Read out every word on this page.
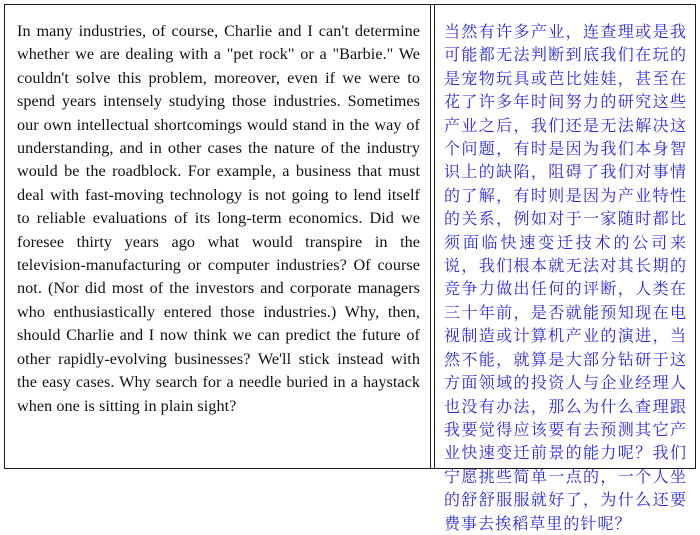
In many industries, of course, Charlie and I can't determine whether we are dealing with a "pet rock" or a "Barbie." We couldn't solve this problem, moreover, even if we were to spend years intensely studying those industries. Sometimes our own intellectual shortcomings would stand in the way of understanding, and in other cases the nature of the industry would be the roadblock. For example, a business that must deal with fast-moving technology is not going to lend itself to reliable evaluations of its long-term economics. Did we foresee thirty years ago what would transpire in the television-manufacturing or computer industries? Of course not. (Nor did most of the investors and corporate managers who enthusiastically entered those industries.) Why, then, should Charlie and I now think we can predict the future of other rapidly-evolving businesses? We'll stick instead with the easy cases. Why search for a needle buried in a haystack when one is sitting in plain sight?
当然有许多产业，连查理或是我可能都无法判断到底我们在玩的是宠物玩具或芭比娃娃，甚至在花了许多年时间努力的研究这些产业之后，我们还是无法解决这个问题，有时是因为我们本身智识上的缺陷，阻碍了我们对事情的了解，有时则是因为产业特性的关系，例如对于一家随时都比须面临快速变迁技术的公司来说，我们根本就无法对其长期的竞争力做出任何的评断，人类在三十年前，是否就能预知现在电视制造或计算机产业的演进，当然不能，就算是大部分钻研于这方面领域的投资人与企业经理人也没有办法，那么为什么查理跟我要觉得应该要有去预测其它产业快速变迁前景的能力呢？我们宁愿挑些简单一点的，一个人坐的舒舒服服就好了，为什么还要费事去挨稻草里的针呢？
